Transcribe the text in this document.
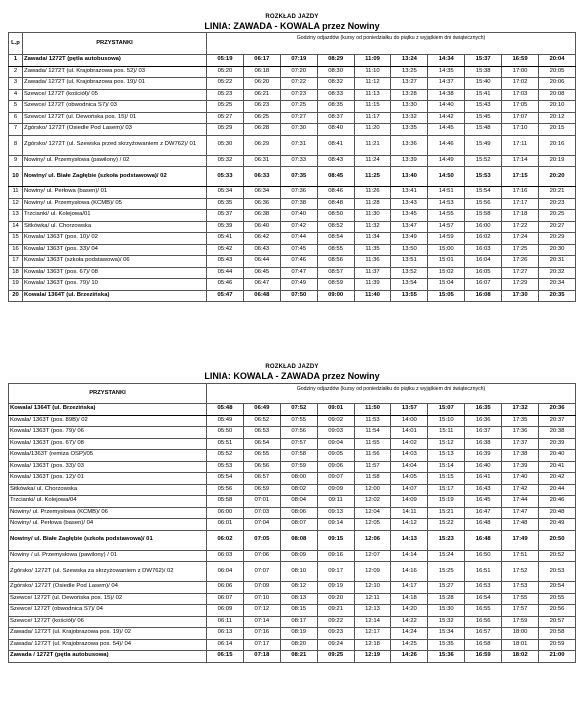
ROZKŁAD JAZDY
LINIA: ZAWADA - KOWALA przez Nowiny
L.p	PRZYSTANKI	Godziny odjazdów (kursy od poniedziałku do piątku z wyjątkiem dni świątecznych)									
1	Zawada/ 1272T (pętla autobusowa)	05:19	06:17	07:19	08:29	11:09	13:24	14:34	15:37	16:59	20:04
2	Zawada/ 1272T (ul. Krajobrazowa pos. 52)/ 03	05:20	06:18	07:20	08:30	11:10	13:25	14:35	15:38	17:00	20:05
3	Zawada/ 1272T (ul. Krajobrazowa pos. 19)/ 01	05:22	06:20	07:22	08:32	11:12	13:27	14:37	15:40	17:02	20:06
4	Szewce/ 1272T (kościół)/ 05	05:23	06:21	07:23	08:33	11:13	13:28	14:38	15:41	17:03	20:08
5	Szewce/ 1272T (obwodnica S7)/ 03	05:25	06:23	07:25	08:35	11:15	13:30	14:40	15:43	17:05	20:10
6	Szewce/ 1272T (ul. Dewońska pos. 15)/ 01	05:27	06:25	07:27	08:37	11:17	13:32	14:42	15:45	17:07	20:12
7	Zgórsko/ 1272T (Osiedle Pod Lasem)/ 03	05:29	06:28	07:30	08:40	11:20	13:35	14:45	15:48	17:10	20:15
8	Zgórsko/ 1272T (ul. Szewska przed skrzyżowaniem z DW762)/ 01	05:30	06:29	07:31	08:41	11:21	13:36	14:46	15:49	17:11	20:16
9	Nowiny/ ul. Przemysłowa (pawilony) / 02	05:32	06:31	07:33	08:43	11:24	13:39	14:49	15:52	17:14	20:19
10	Nowiny/ ul. Białe Zagłębie (szkoła podstawowa)/ 02	05:33	06:33	07:35	08:45	11:25	13:40	14:50	15:53	17:15	20:20
11	Nowiny/ ul. Perłowa (basen)/ 01	05:34	06:34	07:36	08:46	11:26	13:41	14:51	15:54	17:16	20:21
12	Nowiny/ ul. Przemysłowa (KCMB)/ 05	05:35	06:36	07:38	08:48	11:28	13:43	14:53	15:56	17:17	20:23
13	Trzcianki/ ul. Kolejowa/01	05:37	06:38	07:40	08:50	11:30	13:45	14:55	15:58	17:18	20:25
14	Sitkówka/ ul. Chorzowska	05:39	06:40	07:42	08:52	11:32	13:47	14:57	16:00	17:22	20:27
15	Kowala/ 1363T (pos. 10)/ 02	05:41	06:42	07:44	08:54	11:34	13:49	14:59	16:02	17:24	20:29
16	Kowala/ 1363T (pos. 33)/ 04	05:42	06:43	07:45	08:55	11:35	13:50	15:00	16:03	17:25	20:30
17	Kowala/ 1363T (szkoła podstawowa)/ 06	05:43	06:44	07:46	08:56	11:36	13:51	15:01	16:04	17:26	20:31
18	Kowala/ 1363T (pos. 67)/ 08	05:44	06:45	07:47	08:57	11:37	13:52	15:02	16:05	17:27	20:32
19	Kowala/ 1363T (pos. 79)/ 10	05:46	06:47	07:49	08:59	11:39	13:54	15:04	16:07	17:29	20:34
20	Kowala/ 1364T (ul. Brzezińska)	05:47	06:48	07:50	09:00	11:40	13:55	15:05	16:08	17:30	20:35
ROZKŁAD JAZDY
LINIA: KOWALA - ZAWADA przez Nowiny
PRZYSTANKI	Godziny odjazdów (kursy od poniedziałku do piątku z wyjątkiem dni świątecznych)									
Kowala/ 1364T (ul. Brzezińska)	05:48	06:49	07:52	09:01	11:50	13:57	15:07	16:35	17:32	20:36
Kowala/ 1363T (pos. 89B)/ 02	05:49	06:52	07:55	09:02	11:53	14:00	15:10	16:36	17:35	20:37
Kowala/ 1363T (pos. 79)/ 06	05:50	06:53	07:56	09:03	11:54	14:01	15:11	16:37	17:36	20:38
Kowala/ 1363T (pos. 67)/ 08	05:51	06:54	07:57	09:04	11:55	14:02	15:12	16:38	17:37	20:39
Kowala/1363T (remiza OSP)/05	05:52	06:55	07:58	09:05	11:56	14:03	15:13	16:39	17:38	20:40
Kowala/ 1363T (pos. 33)/ 03	05:53	06:56	07:59	09:06	11:57	14:04	15:14	16:40	17:39	20:41
Kowala/ 1363T (pos. 12)/ 01	05:54	06:57	08:00	09:07	11:58	14:05	15:15	16:41	17:40	20:42
Sitkówka/ ul. Chorzowska	05:56	06:59	08:02	09:09	12:00	14:07	15:17	16:43	17:42	20:44
Trzcianki/ ul. Kolejowa/04	05:58	07:01	08:04	09:11	12:02	14:09	15:19	16:45	17:44	20:46
Nowiny/ ul. Przemysłowa (KCMB)/ 06	06:00	07:03	08:06	09:13	12:04	14:11	15:21	16:47	17:47	20:48
Nowiny/ ul. Perłowa (basen)/ 04	06:01	07:04	08:07	09:14	12:05	14:12	15:22	16:48	17:48	20:49
Nowiny/ ul. Białe Zagłębie (szkoła podstawowa)/ 01	06:02	07:05	08:08	09:15	12:06	14:13	15:23	16:48	17:49	20:50
Nowiny / ul. Przemysłowa (pawilony) / 01	06:03	07:06	08:09	09:16	12:07	14:14	15:24	16:50	17:51	20:52
Zgórsko/ 1272T (ul. Szewska za skrzyżowaniem z DW762)/ 02	06:04	07:07	08:10	09:17	12:09	14:16	15:25	16:51	17:52	20:53
Zgórsko/ 1272T (Osiedle Pod Lasem)/ 04	06:06	07:09	08:12	09:19	12:10	14:17	15:27	16:53	17:53	20:54
Szewce/ 1272T (ul. Dewońska pos. 15)/ 02	06:07	07:10	08:13	09:20	12:11	14:18	15:28	16:54	17:55	20:55
Szewce/ 1272T (obwodnica S7)/ 04	06:09	07:12	08:15	09:21	12:13	14:20	15:30	16:55	17:57	20:56
Szewce/ 1272T (kościół)/ 06	06:11	07:14	08:17	09:22	12:14	14:22	15:32	16:56	17:59	20:57
Zawada/ 1272T (ul. Krajobrazowa pos. 19)/ 02	06:13	07:16	08:19	09:23	12:17	14:24	15:34	16:57	18:00	20:58
Zawada/ 1272T (ul. Krajobrazowa pos. 54)/ 04	06:14	07:17	08:20	09:24	12:18	14:25	15:35	16:58	18:01	20:59
Zawada / 1272T (pętla autobusowa)	06:15	07:18	08:21	09:25	12:19	14:26	15:36	16:59	18:02	21:00
